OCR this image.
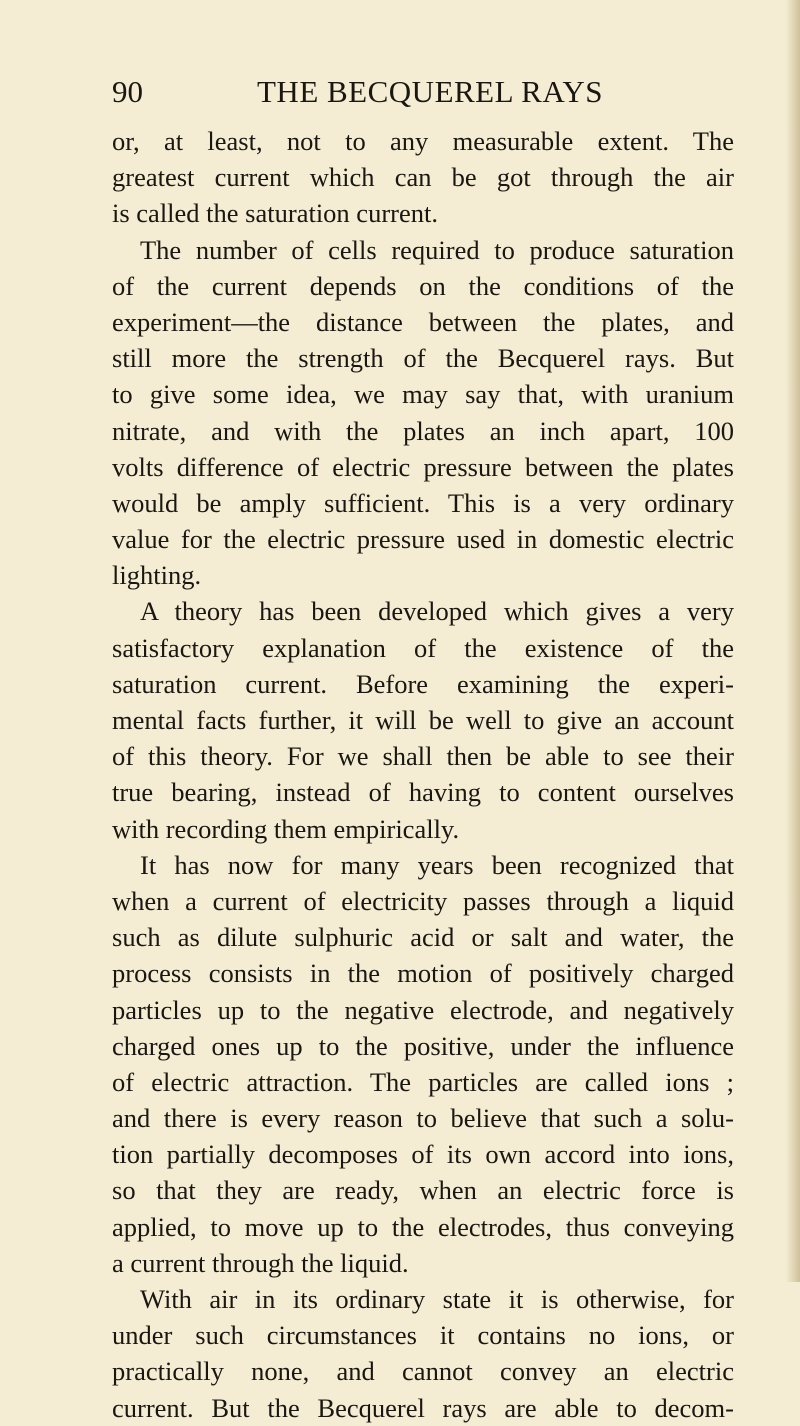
90	THE BECQUEREL RAYS
or, at least, not to any measurable extent. The
greatest current which can be got through the air
is called the saturation current.
The number of cells required to produce saturation
of the current depends on the conditions of the
experiment—the distance between the plates, and
still more the strength of the Becquerel rays. But
to give some idea, we may say that, with uranium
nitrate, and with the plates an inch apart, 100
volts difference of electric pressure between the plates
would be amply sufficient. This is a very ordinary
value for the electric pressure used in domestic electric
lighting.
A theory has been developed which gives a very
satisfactory explanation of the existence of the
saturation current. Before examining the experi-
mental facts further, it will be well to give an account
of this theory. For we shall then be able to see their
true bearing, instead of having to content ourselves
with recording them empirically.
It has now for many years been recognized that
when a current of electricity passes through a liquid
such as dilute sulphuric acid or salt and water, the
process consists in the motion of positively charged
particles up to the negative electrode, and negatively
charged ones up to the positive, under the influence
of electric attraction. The particles are called ions ;
and there is every reason to believe that such a solu-
tion partially decomposes of its own accord into ions,
so that they are ready, when an electric force is
applied, to move up to the electrodes, thus conveying
a current through the liquid.
With air in its ordinary state it is otherwise, for
under such circumstances it contains no ions, or
practically none, and cannot convey an electric
current. But the Becquerel rays are able to decom-
